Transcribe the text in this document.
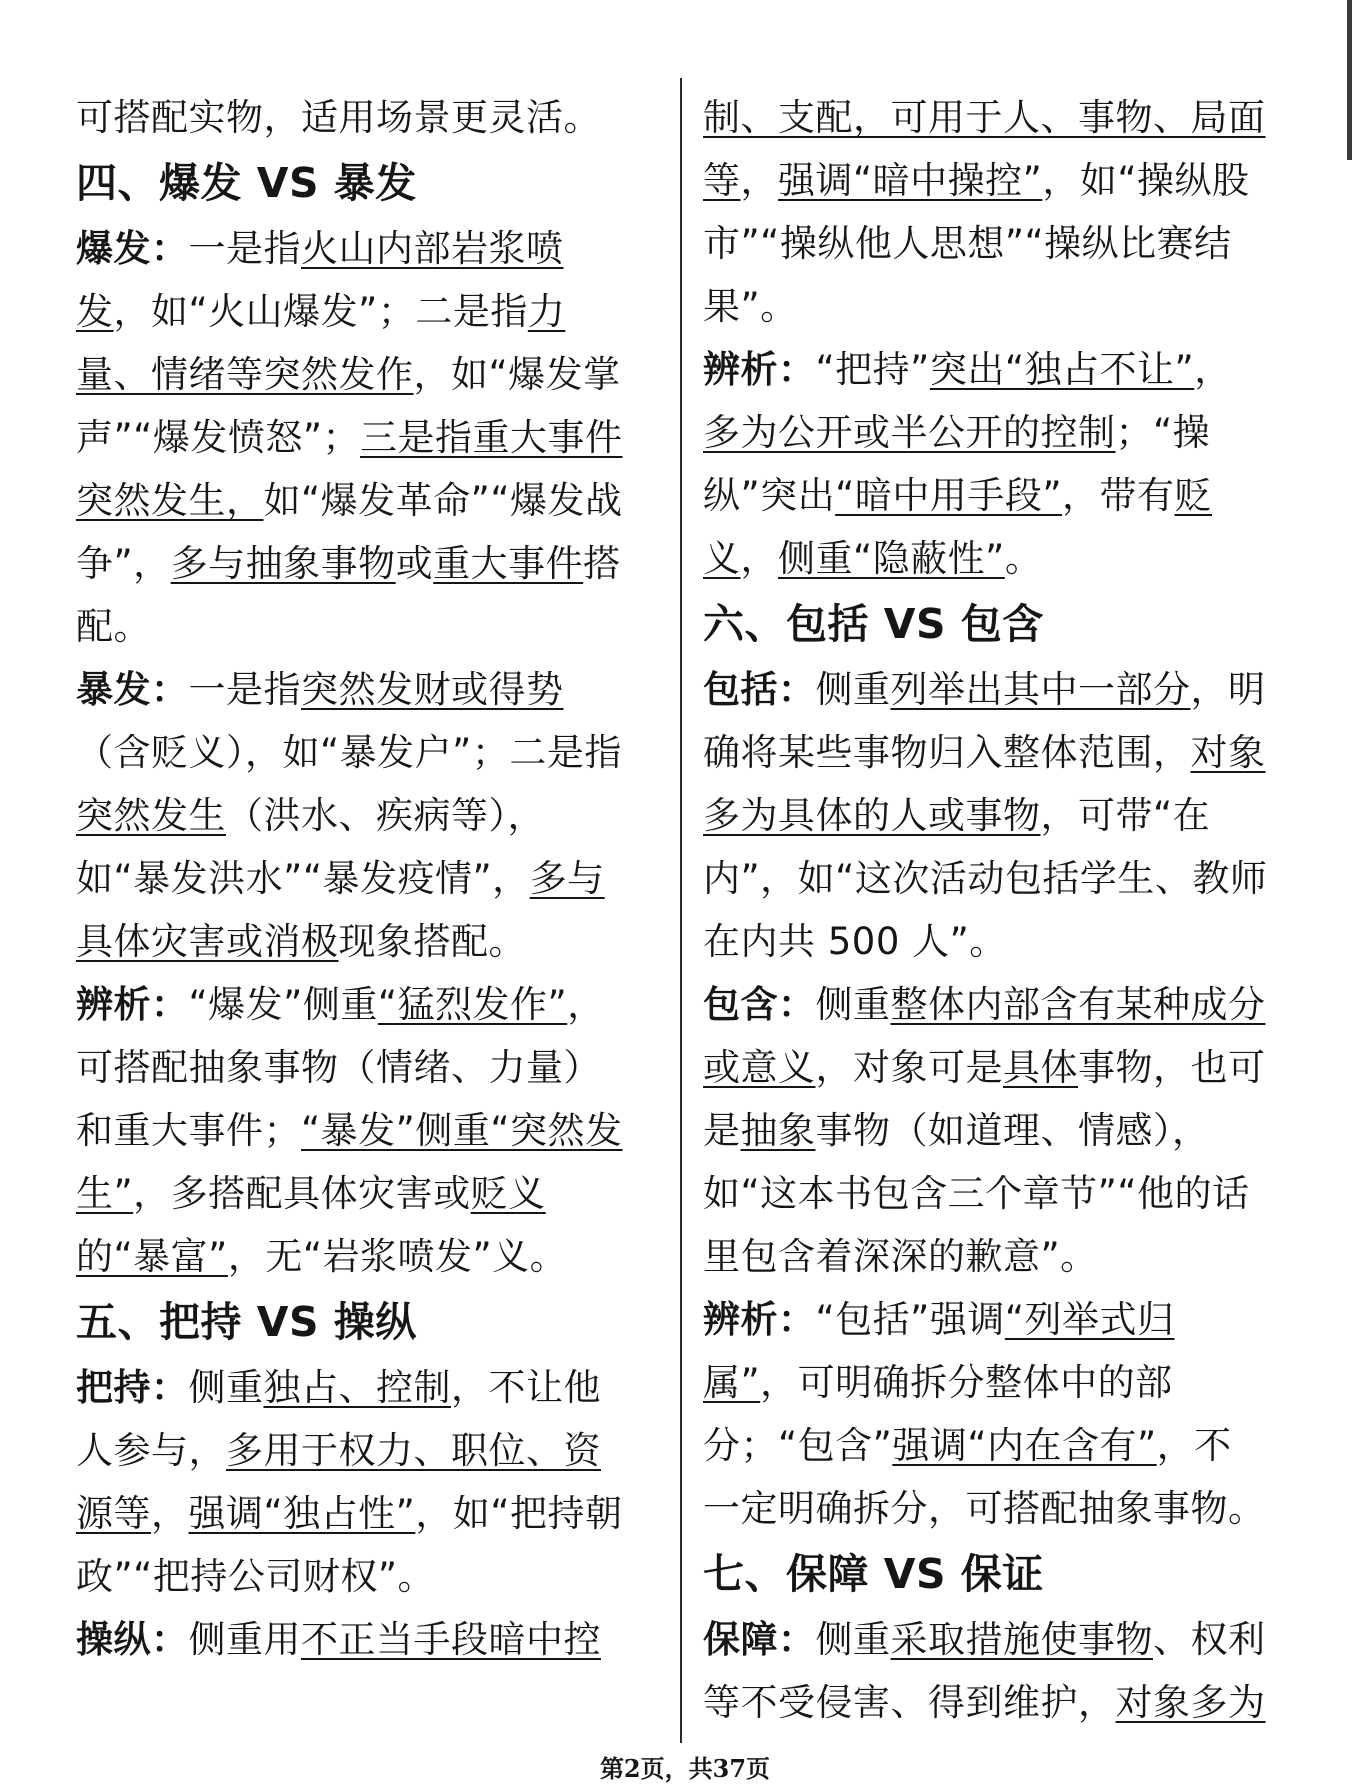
可搭配实物，适用场景更灵活。

四、爆发 VS 暴发

爆发：一是指火山内部岩浆喷发，如“火山爆发”；二是指力量、情绪等突然发作，如“爆发掌声”“爆发愤怒”；三是指重大事件突然发生，如“爆发革命”“爆发战争”，多与抽象事物或重大事件搭配。

暴发：一是指突然发财或得势（含贬义），如“暴发户”；二是指突然发生（洪水、疾病等），如“暴发洪水”“暴发疫情”，多与具体灾害或消极现象搭配。

辨析：“爆发”侧重“猛烈发作”，可搭配抽象事物（情绪、力量）和重大事件；“暴发”侧重“突然发生”，多搭配具体灾害或贬义的“暴富”，无“岩浆喷发”义。

五、把持 VS 操纵

把持：侧重独占、控制，不让他人参与，多用于权力、职位、资源等，强调“独占性”，如“把持朝政”“把持公司财权”。

操纵：侧重用不正当手段暗中控

制、支配，可用于人、事物、局面等，强调“暗中操控”，如“操纵股市”“操纵他人思想”“操纵比赛结果”。

辨析：“把持”突出“独占不让”，多为公开或半公开的控制；“操纵”突出“暗中用手段”，带有贬义，侧重“隐蔽性”。

六、包括 VS 包含

包括：侧重列举出其中一部分，明确将某些事物归入整体范围，对象多为具体的人或事物，可带“在内”，如“这次活动包括学生、教师在内共 500 人”。

包含：侧重整体内部含有某种成分或意义，对象可是具体事物，也可是抽象事物（如道理、情感），如“这本书包含三个章节”“他的话里包含着深深的歉意”。

辨析：“包括”强调“列举式归属”，可明确拆分整体中的部分；“包含”强调“内在含有”，不一定明确拆分，可搭配抽象事物。

七、保障 VS 保证

保障：侧重采取措施使事物、权利等不受侵害、得到维护，对象多为

第2页，共37页
